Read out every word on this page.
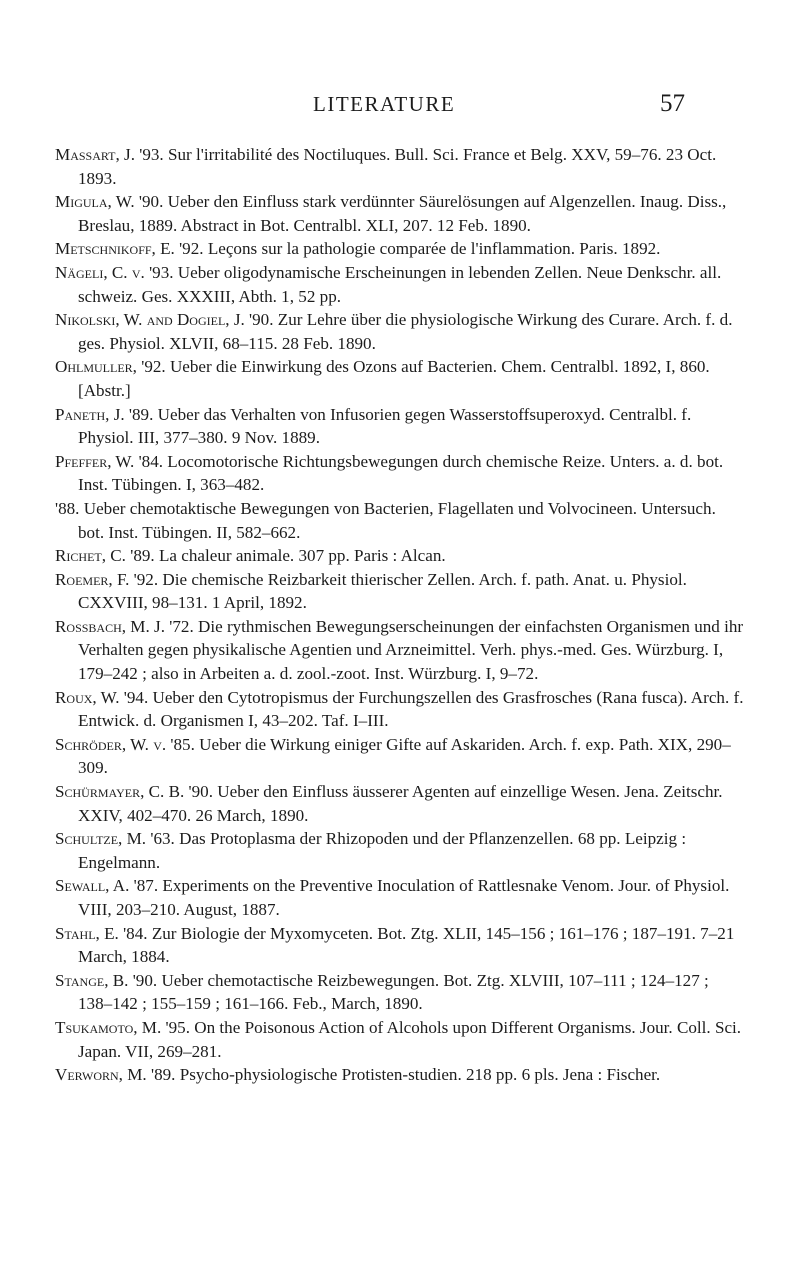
LITERATURE	57

Massart, J. '93. Sur l'irritabilité des Noctiluques. Bull. Sci. France et Belg. XXV, 59–76. 23 Oct. 1893.

Migula, W. '90. Ueber den Einfluss stark verdünnter Säurelösungen auf Algenzellen. Inaug. Diss., Breslau, 1889. Abstract in Bot. Centralbl. XLI, 207. 12 Feb. 1890.

Metschnikoff, E. '92. Leçons sur la pathologie comparée de l'inflammation. Paris. 1892.

Nägeli, C. v. '93. Ueber oligodynamische Erscheinungen in lebenden Zellen. Neue Denkschr. all. schweiz. Ges. XXXIII, Abth. 1, 52 pp.

Nikolski, W. and Dogiel, J. '90. Zur Lehre über die physiologische Wirkung des Curare. Arch. f. d. ges. Physiol. XLVII, 68–115. 28 Feb. 1890.

Ohlmuller, '92. Ueber die Einwirkung des Ozons auf Bacterien. Chem. Centralbl. 1892, I, 860. [Abstr.]

Paneth, J. '89. Ueber das Verhalten von Infusorien gegen Wasserstoffsuperoxyd. Centralbl. f. Physiol. III, 377–380. 9 Nov. 1889.

Pfeffer, W. '84. Locomotorische Richtungsbewegungen durch chemische Reize. Unters. a. d. bot. Inst. Tübingen. I, 363–482.

'88. Ueber chemotaktische Bewegungen von Bacterien, Flagellaten und Volvocineen. Untersuch. bot. Inst. Tübingen. II, 582–662.

Richet, C. '89. La chaleur animale. 307 pp. Paris : Alcan.

Roemer, F. '92. Die chemische Reizbarkeit thierischer Zellen. Arch. f. path. Anat. u. Physiol. CXXVIII, 98–131. 1 April, 1892.

Rossbach, M. J. '72. Die rythmischen Bewegungserscheinungen der einfachsten Organismen und ihr Verhalten gegen physikalische Agentien und Arzneimittel. Verh. phys.-med. Ges. Würzburg. I, 179–242 ; also in Arbeiten a. d. zool.-zoot. Inst. Würzburg. I, 9–72.

Roux, W. '94. Ueber den Cytotropismus der Furchungszellen des Grasfrosches (Rana fusca). Arch. f. Entwick. d. Organismen I, 43–202. Taf. I–III.

Schröder, W. v. '85. Ueber die Wirkung einiger Gifte auf Askariden. Arch. f. exp. Path. XIX, 290–309.

Schürmayer, C. B. '90. Ueber den Einfluss äusserer Agenten auf einzellige Wesen. Jena. Zeitschr. XXIV, 402–470. 26 March, 1890.

Schultze, M. '63. Das Protoplasma der Rhizopoden und der Pflanzenzellen. 68 pp. Leipzig : Engelmann.

Sewall, A. '87. Experiments on the Preventive Inoculation of Rattlesnake Venom. Jour. of Physiol. VIII, 203–210. August, 1887.

Stahl, E. '84. Zur Biologie der Myxomyceten. Bot. Ztg. XLII, 145–156 ; 161–176 ; 187–191. 7–21 March, 1884.

Stange, B. '90. Ueber chemotactische Reizbewegungen. Bot. Ztg. XLVIII, 107–111 ; 124–127 ; 138–142 ; 155–159 ; 161–166. Feb., March, 1890.

Tsukamoto, M. '95. On the Poisonous Action of Alcohols upon Different Organisms. Jour. Coll. Sci. Japan. VII, 269–281.

Verworn, M. '89. Psycho-physiologische Protisten-studien. 218 pp. 6 pls. Jena : Fischer.
